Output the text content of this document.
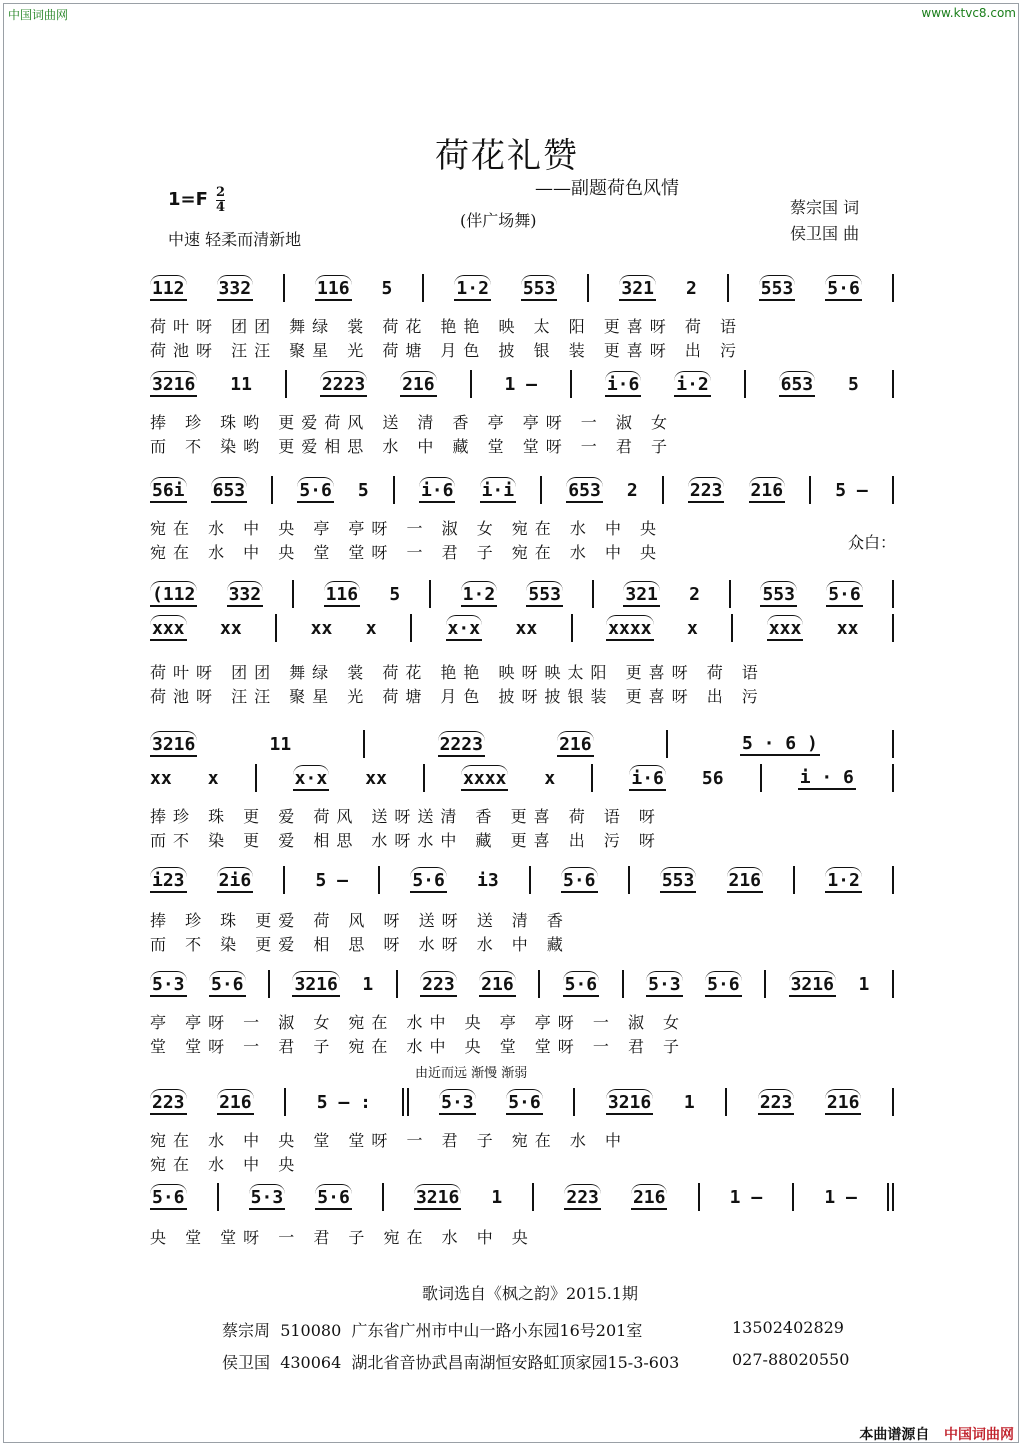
中国词曲网	www.ktvc8.com
荷花礼赞
——副题荷色风情
$1=F \frac{2}{4}$
中速 轻柔而清新地
(伴广场舞)
蔡宗国 词
侯卫国 曲
112 332	116 5	1·2 553	321 2	553 5·6
荷叶呀 团团 舞绿 裳 荷花 艳艳 映 太 阳 更喜呀 荷 语
荷池呀 汪汪 聚星 光 荷塘 月色 披 银 装 更喜呀 出 污
3216 11	2223 216	1 –	i·6 i·2	653 5
捧 珍 珠哟 更爱荷风 送 清 香 亭 亭呀 一 淑 女
而 不 染哟 更爱相思 水 中 藏 堂 堂呀 一 君 子
56i 653	5·6 5	i·6 i·i	653 2	223 216	5 –
宛在 水 中 央 亭 亭呀 一 淑 女 宛在 水 中 央
宛在 水 中 央 堂 堂呀 一 君 子 宛在 水 中 央
(112 332	116 5	1·2 553	321 2	553 5·6
xxx xx	xx x	x·x xx	xxxx x	xxx xx
荷叶呀 团团 舞绿 裳 荷花 艳艳 映呀映太阳 更喜呀 荷 语
荷池呀 汪汪 聚星 光 荷塘 月色 披呀披银装 更喜呀 出 污
3216	11	2223	216	5 · 6 )
xx x	x·x xx	xxxx x	i·6 56	i · 6
捧珍 珠 更 爱 荷风 送呀送清 香 更喜 荷 语 呀
而不 染 更 爱 相思 水呀水中 藏 更喜 出 污 呀
i23 2i6	5 –	5·6 i3	5·6	553 216	1·2
捧 珍 珠 更爱 荷 风 呀 送呀 送 清 香
而 不 染 更爱 相 思 呀 水呀 水 中 藏
5·3 5·6	3216 1	223 216	5·6	5·3 5·6	3216 1
亭 亭呀 一 淑 女 宛在 水中 央 亭 亭呀 一 淑 女
堂 堂呀 一 君 子 宛在 水中 央 堂 堂呀 一 君 子
223 216	5 – :	5·3 5·6	3216 1	223 216
宛在 水 中 央 堂 堂呀 一 君 子 宛在 水 中
宛在 水 中 央
5·6	5·3 5·6	3216 1	223 216	1 –	1 –
央 堂 堂呀 一 君 子 宛在 水 中 央
众白：
由近而远 渐慢 渐弱
歌词选自《枫之韵》2015.1期
蔡宗周 510080 广东省广州市中山一路小东园16号201室	13502402829
侯卫国 430064 湖北省音协武昌南湖恒安路虹顶家园15-3-603	027-88020550
本曲谱源自 中国词曲网
